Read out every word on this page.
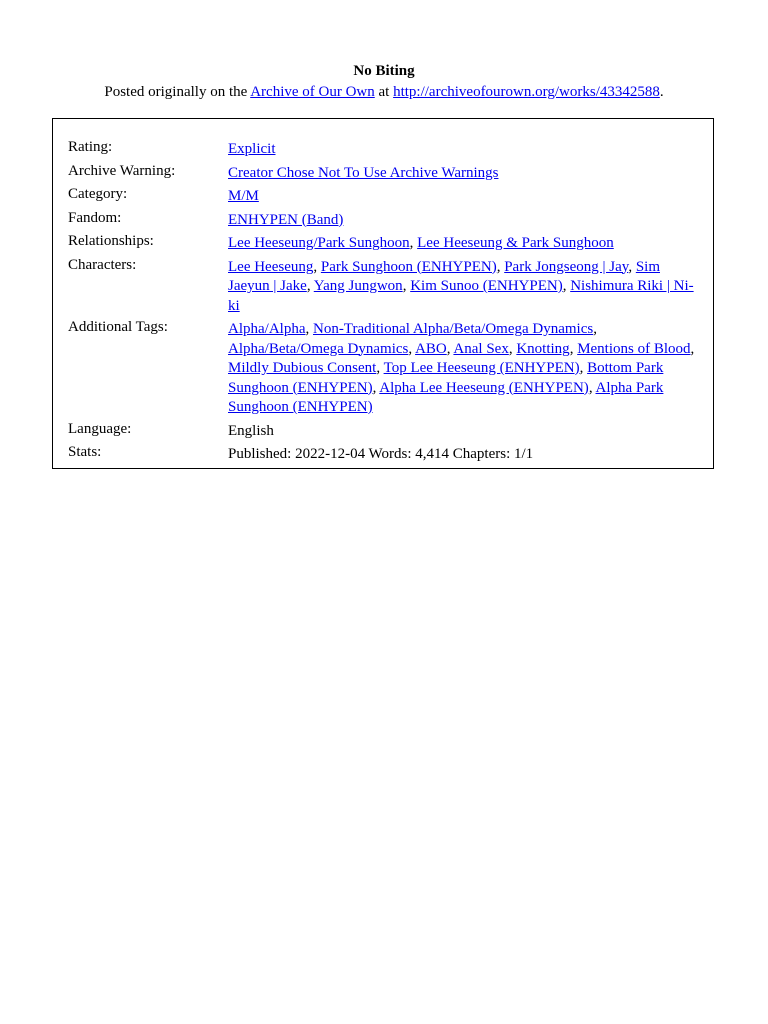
No Biting
Posted originally on the Archive of Our Own at http://archiveofourown.org/works/43342588.
Rating:	Explicit
Archive Warning:	Creator Chose Not To Use Archive Warnings
Category:	M/M
Fandom:	ENHYPEN (Band)
Relationships:	Lee Heeseung/Park Sunghoon, Lee Heeseung & Park Sunghoon
Characters:	Lee Heeseung, Park Sunghoon (ENHYPEN), Park Jongseong | Jay, Sim Jaeyun | Jake, Yang Jungwon, Kim Sunoo (ENHYPEN), Nishimura Riki | Ni-ki
Additional Tags:	Alpha/Alpha, Non-Traditional Alpha/Beta/Omega Dynamics, Alpha/Beta/Omega Dynamics, ABO, Anal Sex, Knotting, Mentions of Blood, Mildly Dubious Consent, Top Lee Heeseung (ENHYPEN), Bottom Park Sunghoon (ENHYPEN), Alpha Lee Heeseung (ENHYPEN), Alpha Park Sunghoon (ENHYPEN)
Language:	English
Stats:	Published: 2022-12-04 Words: 4,414 Chapters: 1/1
